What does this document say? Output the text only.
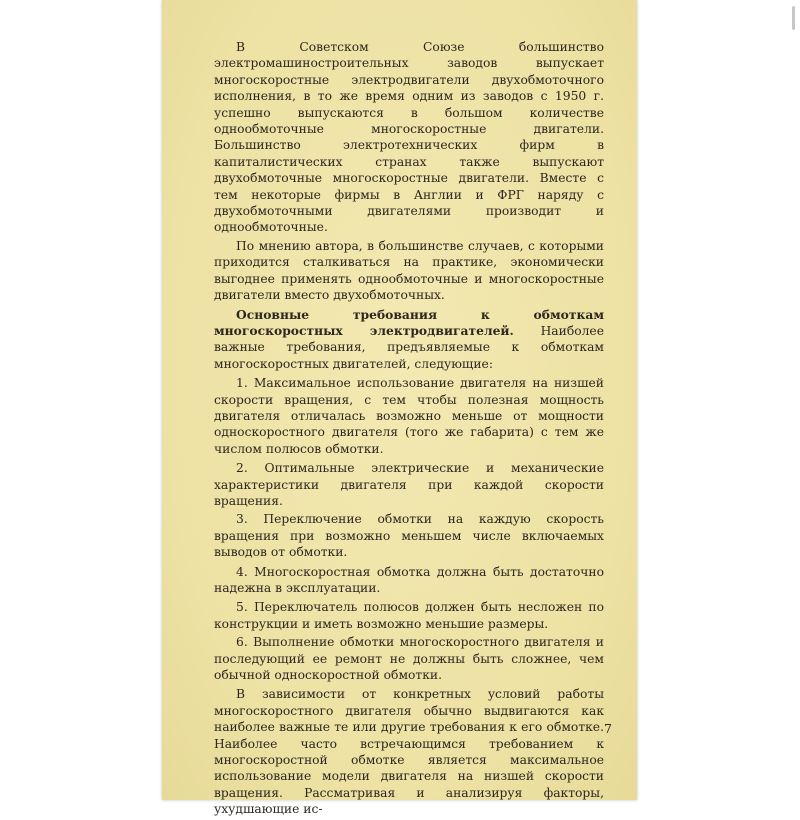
В Советском Союзе большинство электромашиностроительных заводов выпускает многоскоростные электродвигатели двухобмоточного исполнения, в то же время одним из заводов с 1950 г. успешно выпускаются в большом количестве однообмоточные многоскоростные двигатели. Большинство электротехнических фирм в капиталистических странах также выпускают двухобмоточные многоскоростные двигатели. Вместе с тем некоторые фирмы в Англии и ФРГ наряду с двухобмоточными двигателями производит и однообмоточные.

По мнению автора, в большинстве случаев, с которыми приходится сталкиваться на практике, экономически выгоднее применять однообмоточные и многоскоростные двигатели вместо двухобмоточных.

Основные требования к обмоткам многоскоростных электродвигателей. Наиболее важные требования, предъявляемые к обмоткам многоскоростных двигателей, следующие:

1. Максимальное использование двигателя на низшей скорости вращения, с тем чтобы полезная мощность двигателя отличалась возможно меньше от мощности односкоростного двигателя (того же габарита) с тем же числом полюсов обмотки.

2. Оптимальные электрические и механические характеристики двигателя при каждой скорости вращения.

3. Переключение обмотки на каждую скорость вращения при возможно меньшем числе включаемых выводов от обмотки.

4. Многоскоростная обмотка должна быть достаточно надежна в эксплуатации.

5. Переключатель полюсов должен быть несложен по конструкции и иметь возможно меньшие размеры.

6. Выполнение обмотки многоскоростного двигателя и последующий ее ремонт не должны быть сложнее, чем обычной односкоростной обмотки.

В зависимости от конкретных условий работы многоскоростного двигателя обычно выдвигаются как наиболее важные те или другие требования к его обмотке. Наиболее часто встречающимся требованием к многоскоростной обмотке является максимальное использование модели двигателя на низшей скорости вращения. Рассматривая и анализируя факторы, ухудшающие ис-

7
